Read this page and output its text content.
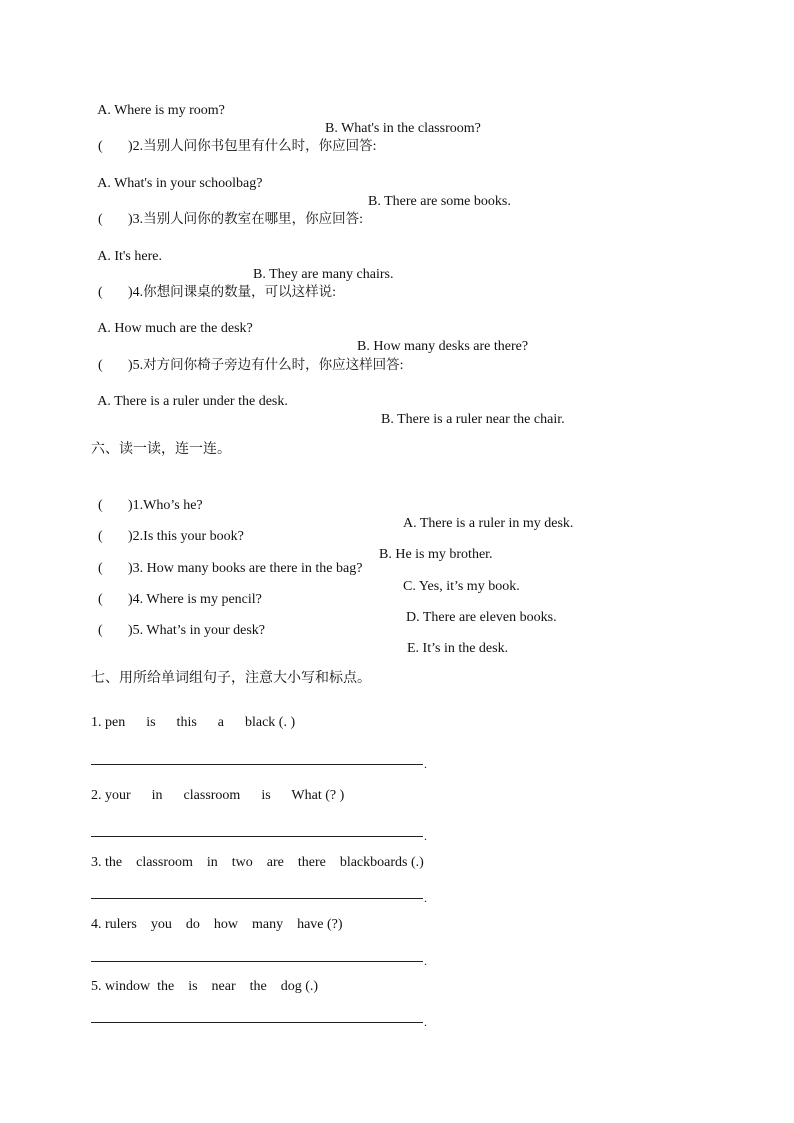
A. Where is my room?

B. What's in the classroom?

( )2.当别人问你书包里有什么时，你应回答:

A. What's in your schoolbag?

B. There are some books.

( )3.当别人问你的教室在哪里，你应回答:

A. It's here.

B. They are many chairs.

( )4.你想问课桌的数量，可以这样说:

A. How much are the desk?

B. How many desks are there?

( )5.对方问你椅子旁边有什么时，你应这样回答:

A. There is a ruler under the desk.

B. There is a ruler near the chair.

六、读一读，连一连。

( )1.Who’s he?

A. There is a ruler in my desk.

( )2.Is this your book?

B. He is my brother.

( )3. How many books are there in the bag?

C. Yes, it’s my book.

( )4. Where is my pencil?

D. There are eleven books.

( )5. What’s in your desk?

E. It’s in the desk.

七、用所给单词组句子，注意大小写和标点。
1. pen      is      this      a      black (. )
.
2. your      in      classroom      is      What (? )
.
3. the    classroom    in    two    are    there    blackboards (.)
.
4. rulers    you    do    how    many    have (?)
.
5. window  the    is    near    the    dog (.)
.
